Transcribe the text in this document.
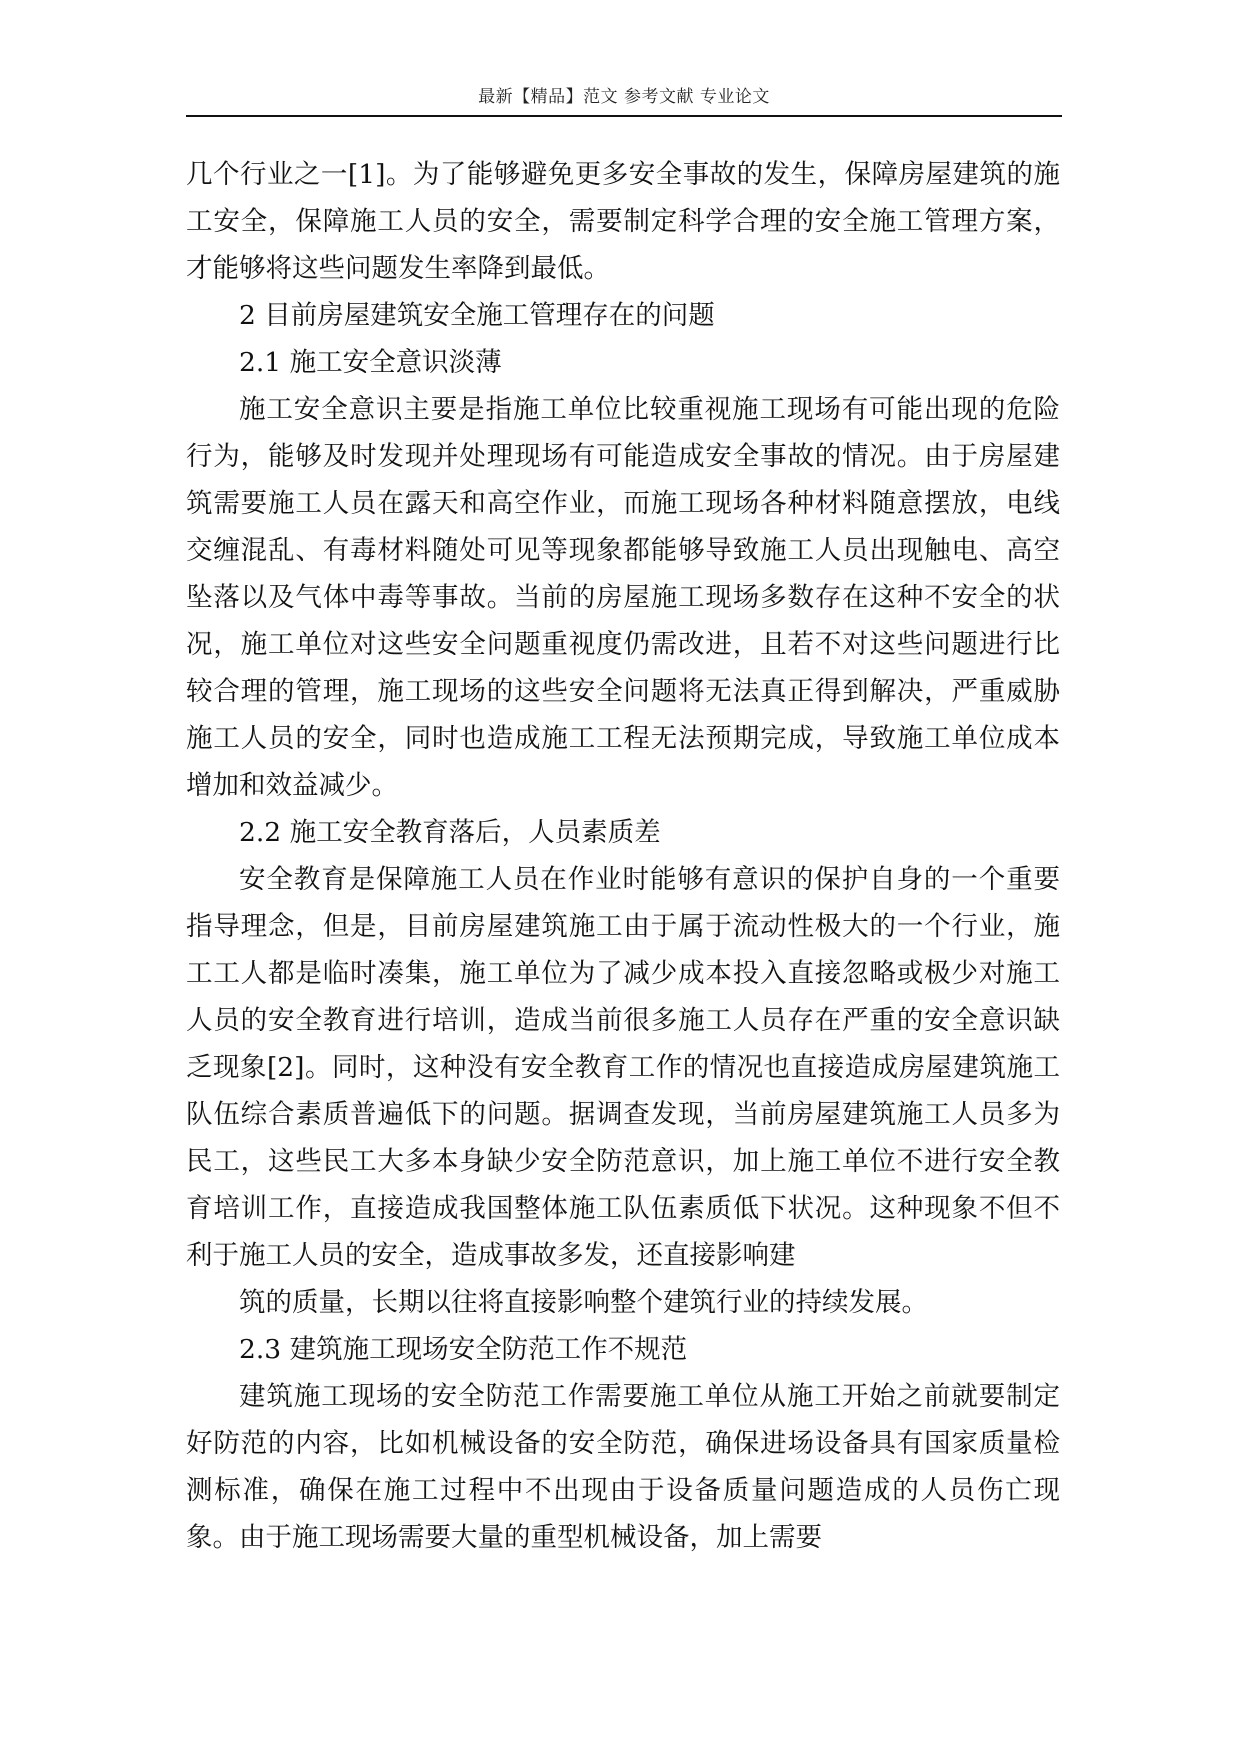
最新【精品】范文 参考文献 专业论文

几个行业之一[1]。为了能够避免更多安全事故的发生，保障房屋建筑的施工安全，保障施工人员的安全，需要制定科学合理的安全施工管理方案，才能够将这些问题发生率降到最低。

2 目前房屋建筑安全施工管理存在的问题

2.1 施工安全意识淡薄

施工安全意识主要是指施工单位比较重视施工现场有可能出现的危险行为，能够及时发现并处理现场有可能造成安全事故的情况。由于房屋建筑需要施工人员在露天和高空作业，而施工现场各种材料随意摆放，电线交缠混乱、有毒材料随处可见等现象都能够导致施工人员出现触电、高空坠落以及气体中毒等事故。当前的房屋施工现场多数存在这种不安全的状况，施工单位对这些安全问题重视度仍需改进，且若不对这些问题进行比较合理的管理，施工现场的这些安全问题将无法真正得到解决，严重威胁施工人员的安全，同时也造成施工工程无法预期完成，导致施工单位成本增加和效益减少。

2.2 施工安全教育落后，人员素质差

安全教育是保障施工人员在作业时能够有意识的保护自身的一个重要指导理念，但是，目前房屋建筑施工由于属于流动性极大的一个行业，施工工人都是临时凑集，施工单位为了减少成本投入直接忽略或极少对施工人员的安全教育进行培训，造成当前很多施工人员存在严重的安全意识缺乏现象[2]。同时，这种没有安全教育工作的情况也直接造成房屋建筑施工队伍综合素质普遍低下的问题。据调查发现，当前房屋建筑施工人员多为民工，这些民工大多本身缺少安全防范意识，加上施工单位不进行安全教育培训工作，直接造成我国整体施工队伍素质低下状况。这种现象不但不利于施工人员的安全，造成事故多发，还直接影响建

筑的质量，长期以往将直接影响整个建筑行业的持续发展。

2.3 建筑施工现场安全防范工作不规范

建筑施工现场的安全防范工作需要施工单位从施工开始之前就要制定好防范的内容，比如机械设备的安全防范，确保进场设备具有国家质量检测标准，确保在施工过程中不出现由于设备质量问题造成的人员伤亡现象。由于施工现场需要大量的重型机械设备，加上需要
